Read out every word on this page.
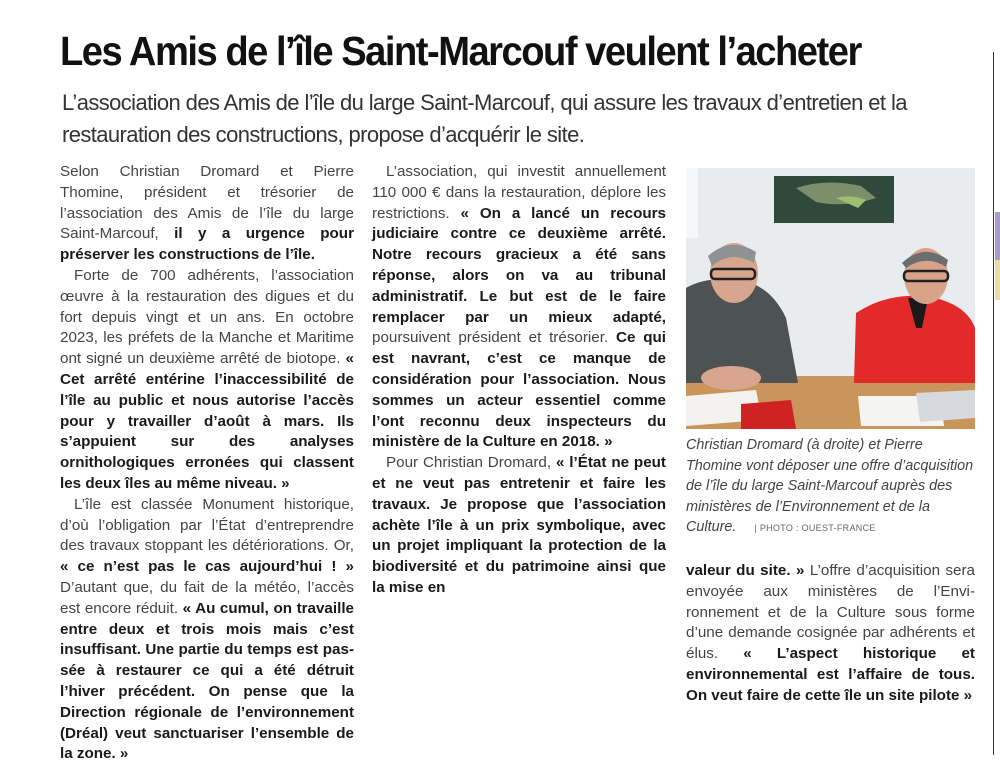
Les Amis de l’île Saint-Marcouf veulent l’acheter
L’association des Amis de l’île du large Saint-Marcouf, qui assure les travaux d’entretien et la restauration des constructions, propose d’acquérir le site.

Selon Christian Dromard et Pierre Thomine, président et trésorier de l’association des Amis de l’île du large Saint-Marcouf, il y a urgence pour préserver les constructions de l’île.

Forte de 700 adhérents, l’association œuvre à la restauration des digues et du fort depuis vingt et un ans. En octobre 2023, les préfets de la Manche et Maritime ont signé un deuxième arrêté de biotope. « Cet arrêté entérine l’inaccessibilité de l’île au public et nous autorise l’accès pour y travailler d’août à mars. Ils s’appuient sur des analyses ornithologiques erronées qui classent les deux îles au même niveau. »

L’île est classée Monument historique, d’où l’obligation par l’État d’entreprendre des travaux stoppant les détériorations. Or, « ce n’est pas le cas aujourd’hui ! » D’autant que, du fait de la météo, l’accès est encore réduit. « Au cumul, on travaille entre deux et trois mois mais c’est insuffisant. Une partie du temps est passée à restaurer ce qui a été détruit l’hiver précédent. On pense que la Direction régionale de l’environnement (Dréal) veut sanctuariser l’ensemble de la zone. »

L’association, qui investit annuellement 110 000 € dans la restauration, déplore les restrictions. « On a lancé un recours judiciaire contre ce deuxième arrêté. Notre recours gracieux a été sans réponse, alors on va au tribunal administratif. Le but est de le faire remplacer par un mieux adapté, poursuivent président et trésorier. Ce qui est navrant, c’est ce manque de considération pour l’association. Nous sommes un acteur essentiel comme l’ont reconnu deux inspecteurs du ministère de la Culture en 2018. »

Pour Christian Dromard, « l’État ne peut et ne veut pas entretenir et faire les travaux. Je propose que l’association achète l’île à un prix symbolique, avec un projet impliquant la protection de la biodiversité et du patrimoine ainsi que la mise en

Christian Dromard (à droite) et Pierre Thomine vont déposer une offre d’acquisition de l’île du large Saint-Marcouf auprès des ministères de l’Environnement et de la Culture. | PHOTO : OUEST-FRANCE

valeur du site. » L’offre d’acquisition sera envoyée aux ministères de l’Environnement et de la Culture sous forme d’une demande cosignée par adhérents et élus. « L’aspect historique et environnemental est l’affaire de tous. On veut faire de cette île un site pilote »
